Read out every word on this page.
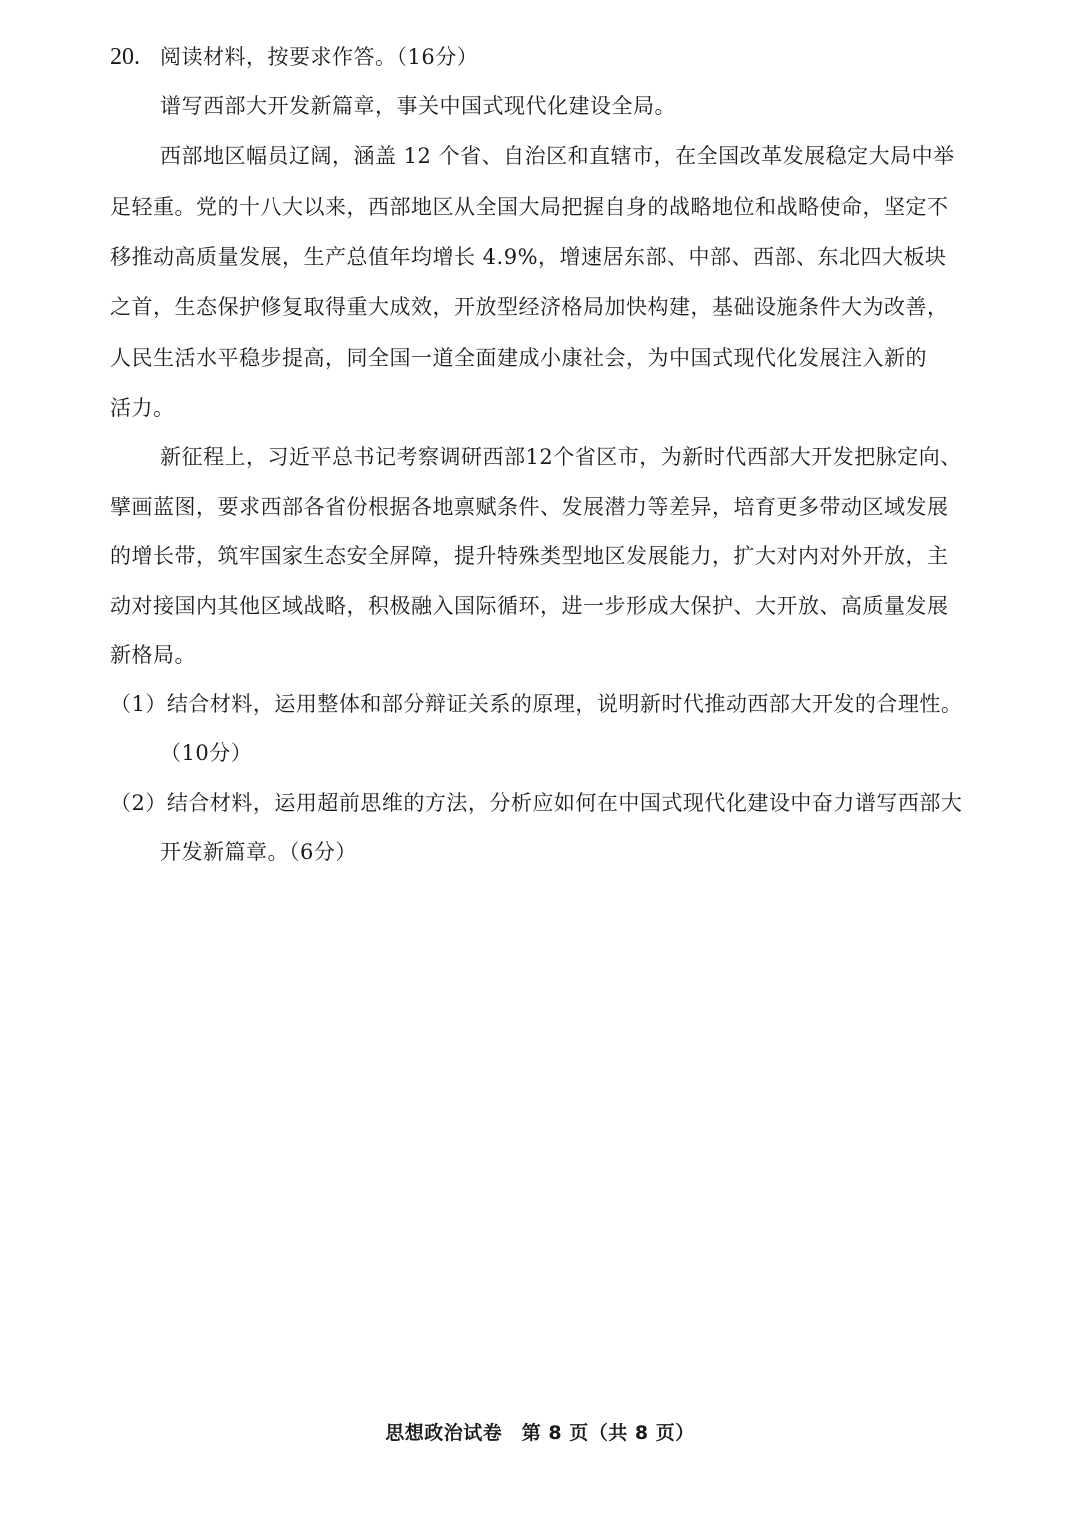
20. 阅读材料，按要求作答。（16分）
谱写西部大开发新篇章，事关中国式现代化建设全局。
西部地区幅员辽阔，涵盖 12 个省、自治区和直辖市，在全国改革发展稳定大局中举
足轻重。党的十八大以来，西部地区从全国大局把握自身的战略地位和战略使命，坚定不
移推动高质量发展，生产总值年均增长 4.9%，增速居东部、中部、西部、东北四大板块
之首，生态保护修复取得重大成效，开放型经济格局加快构建，基础设施条件大为改善，
人民生活水平稳步提高，同全国一道全面建成小康社会，为中国式现代化发展注入新的
活力。
新征程上，习近平总书记考察调研西部12个省区市，为新时代西部大开发把脉定向、
擘画蓝图，要求西部各省份根据各地禀赋条件、发展潜力等差异，培育更多带动区域发展
的增长带，筑牢国家生态安全屏障，提升特殊类型地区发展能力，扩大对内对外开放，主
动对接国内其他区域战略，积极融入国际循环，进一步形成大保护、大开放、高质量发展
新格局。
（1）结合材料，运用整体和部分辩证关系的原理，说明新时代推动西部大开发的合理性。
（10分）
（2）结合材料，运用超前思维的方法，分析应如何在中国式现代化建设中奋力谱写西部大
开发新篇章。（6分）
思想政治试卷　第 8 页（共 8 页）
